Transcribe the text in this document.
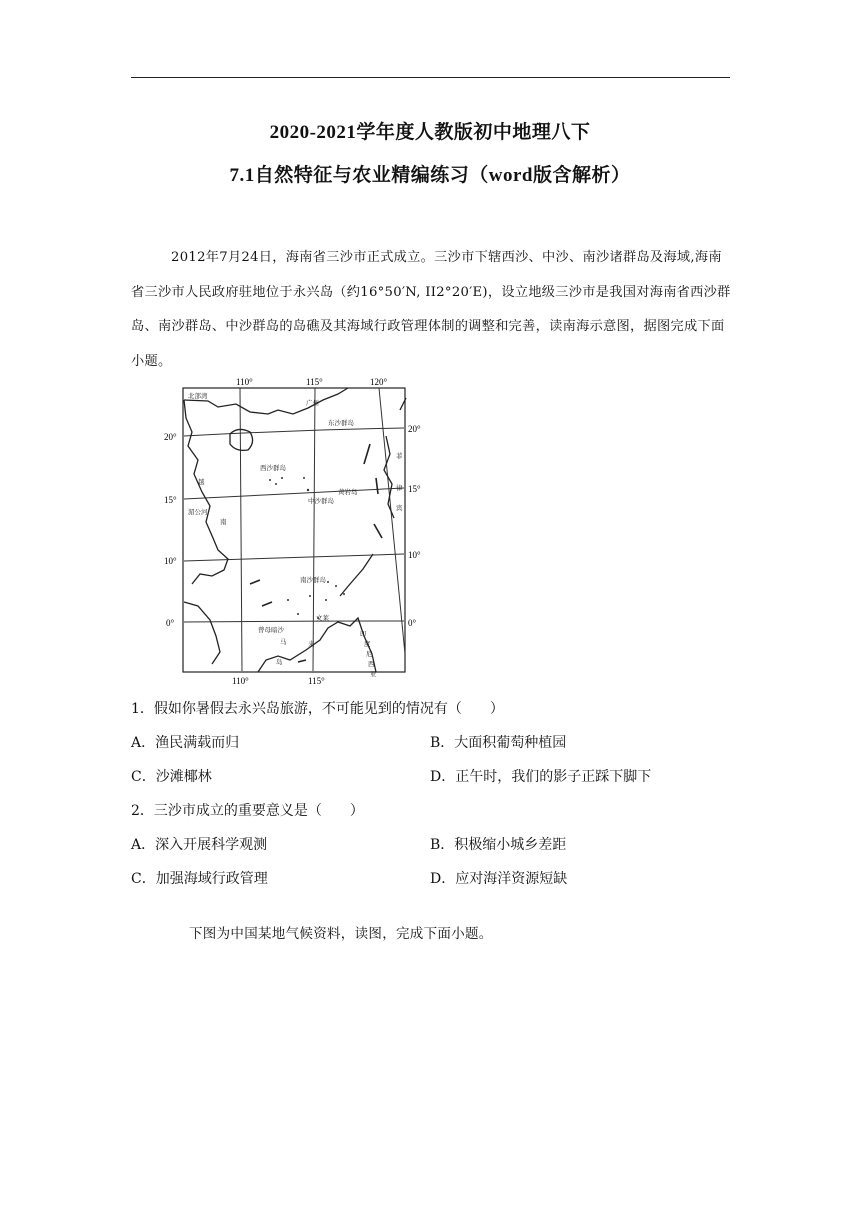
2020-2021学年度人教版初中地理八下
7.1自然特征与农业精编练习（word版含解析）
2012年7月24日，海南省三沙市正式成立。三沙市下辖西沙、中沙、南沙诸群岛及海域,海南省三沙市人民政府驻地位于永兴岛（约16°50′N, II2°20′E)，设立地级三沙市是我国对海南省西沙群岛、南沙群岛、中沙群岛的岛礁及其海域行政管理体制的调整和完善，读南海示意图，据图完成下面小题。
110°	115°	120°
110°	115°
20°
15°
10°
0°
20°
15°
10°
0°
北部湾
广州
东沙群岛
西沙群岛
中沙群岛
黄岩岛
南沙群岛
曾母暗沙
越
南
菲
律
宾
文莱
印
度
尼
西
亚
马	来
岛
湄公河
1．假如你暑假去永兴岛旅游，不可能见到的情况有（　　）
A．渔民满载而归	B．大面积葡萄种植园
C．沙滩椰林	D．正午时，我们的影子正踩下脚下
2．三沙市成立的重要意义是（　　）
A．深入开展科学观测	B．积极缩小城乡差距
C．加强海域行政管理	D．应对海洋资源短缺
下图为中国某地气候资料，读图，完成下面小题。
